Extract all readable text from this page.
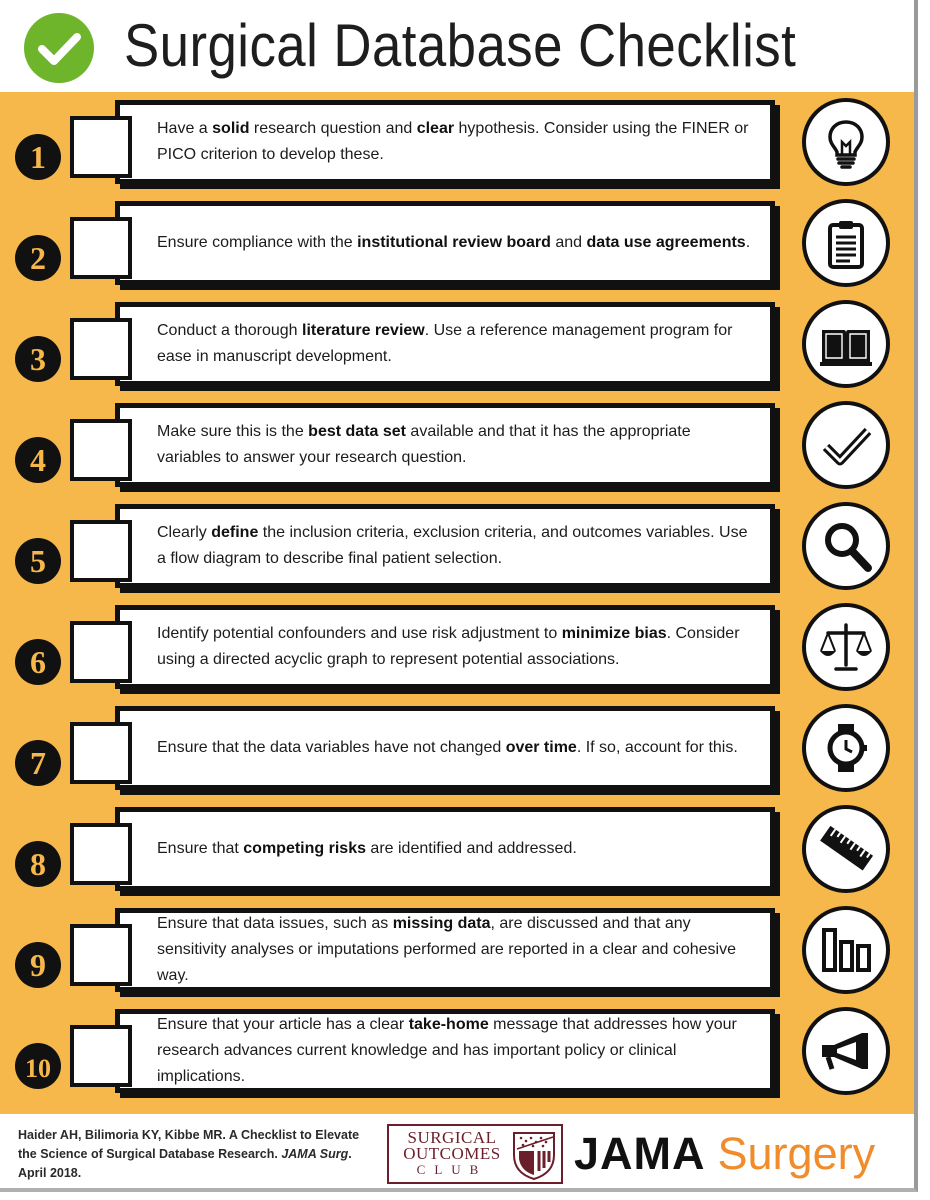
Surgical Database Checklist
1
Have a solid research question and clear hypothesis. Consider using the FINER or PICO criterion to develop these.
2	Ensure compliance with the institutional review board and data use agreements.
3
Conduct a thorough literature review. Use a reference management program for ease in manuscript development.
4
Make sure this is the best data set available and that it has the appropriate variables to answer your research question.
5
Clearly define the inclusion criteria, exclusion criteria, and outcomes variables. Use a flow diagram to describe final patient selection.
6
Identify potential confounders and use risk adjustment to minimize bias. Consider using a directed acyclic graph to represent potential associations.
7	Ensure that the data variables have not changed over time. If so, account for this.
8	Ensure that competing risks are identified and addressed.
9
Ensure that data issues, such as missing data, are discussed and that any sensitivity analyses or imputations performed are reported in a clear and cohesive way.
10
Ensure that your article has a clear take-home message that addresses how your research advances current knowledge and has important policy or clinical implications.
Haider AH, Bilimoria KY, Kibbe MR. A Checklist to Elevate the Science of Surgical Database Research. JAMA Surg. April 2018.
SURGICAL
OUTCOMES
CLUB	JAMA Surgery
